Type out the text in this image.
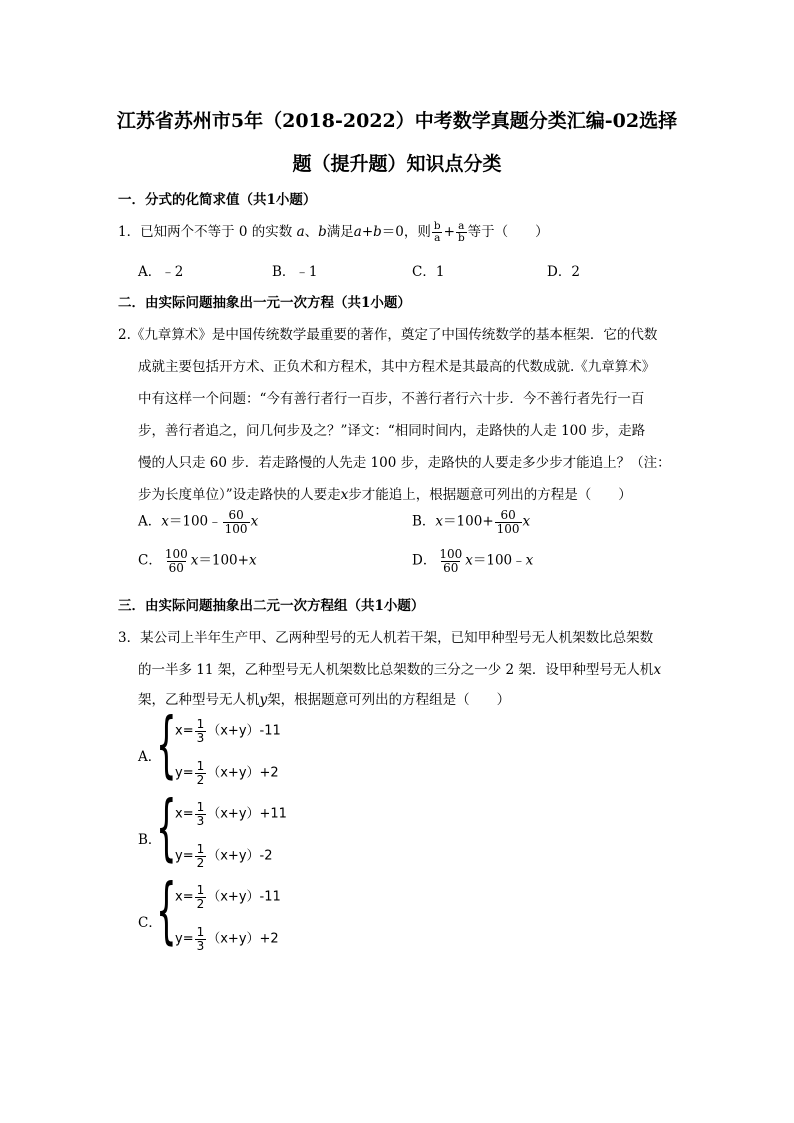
江苏省苏州市5年（2018-2022）中考数学真题分类汇编-02选择
题（提升题）知识点分类
一．分式的化简求值（共1小题）
1．已知两个不等于 0 的实数 a、b满足a+b＝0，则 $\frac{b}{a} + \frac{a}{b}$ 等于（　　）
A．﹣2	B．﹣1	C．1	D．2
二．由实际问题抽象出一元一次方程（共1小题）
2.《九章算术》是中国传统数学最重要的著作，奠定了中国传统数学的基本框架．它的代数
成就主要包括开方术、正负术和方程术，其中方程术是其最高的代数成就.《九章算术》
中有这样一个问题：“今有善行者行一百步，不善行者行六十步．今不善行者先行一百
步，善行者追之，问几何步及之？”译文：“相同时间内，走路快的人走 100 步，走路
慢的人只走 60 步．若走路慢的人先走 100 步，走路快的人要走多少步才能追上？（注：
步为长度单位）”设走路快的人要走x步才能追上，根据题意可列出的方程是（　　）
A．x＝100﹣ $\frac{60}{100}$ x	B．$x=100+ \frac{60}{100}$ x
C． $\frac{100}{60} x=100+x$	D． $\frac{100}{60}$ x＝100﹣x
三．由实际问题抽象出二元一次方程组（共1小题）
3．某公司上半年生产甲、乙两种型号的无人机若干架，已知甲种型号无人机架数比总架数
的一半多 11 架，乙种型号无人机架数比总架数的三分之一少 2 架．设甲种型号无人机x
架，乙种型号无人机y架，根据题意可列出的方程组是（　　）
A．
{
$x= \frac{1}{3} (x+y)-11$
$y= \frac{1}{2} (x+y)+2$
B．
{
$x= \frac{1}{3} (x+y)+11$
$y= \frac{1}{2} (x+y)-2$
C．
{
$x= \frac{1}{2} (x+y)-11$
$y= \frac{1}{3} (x+y)+2$
